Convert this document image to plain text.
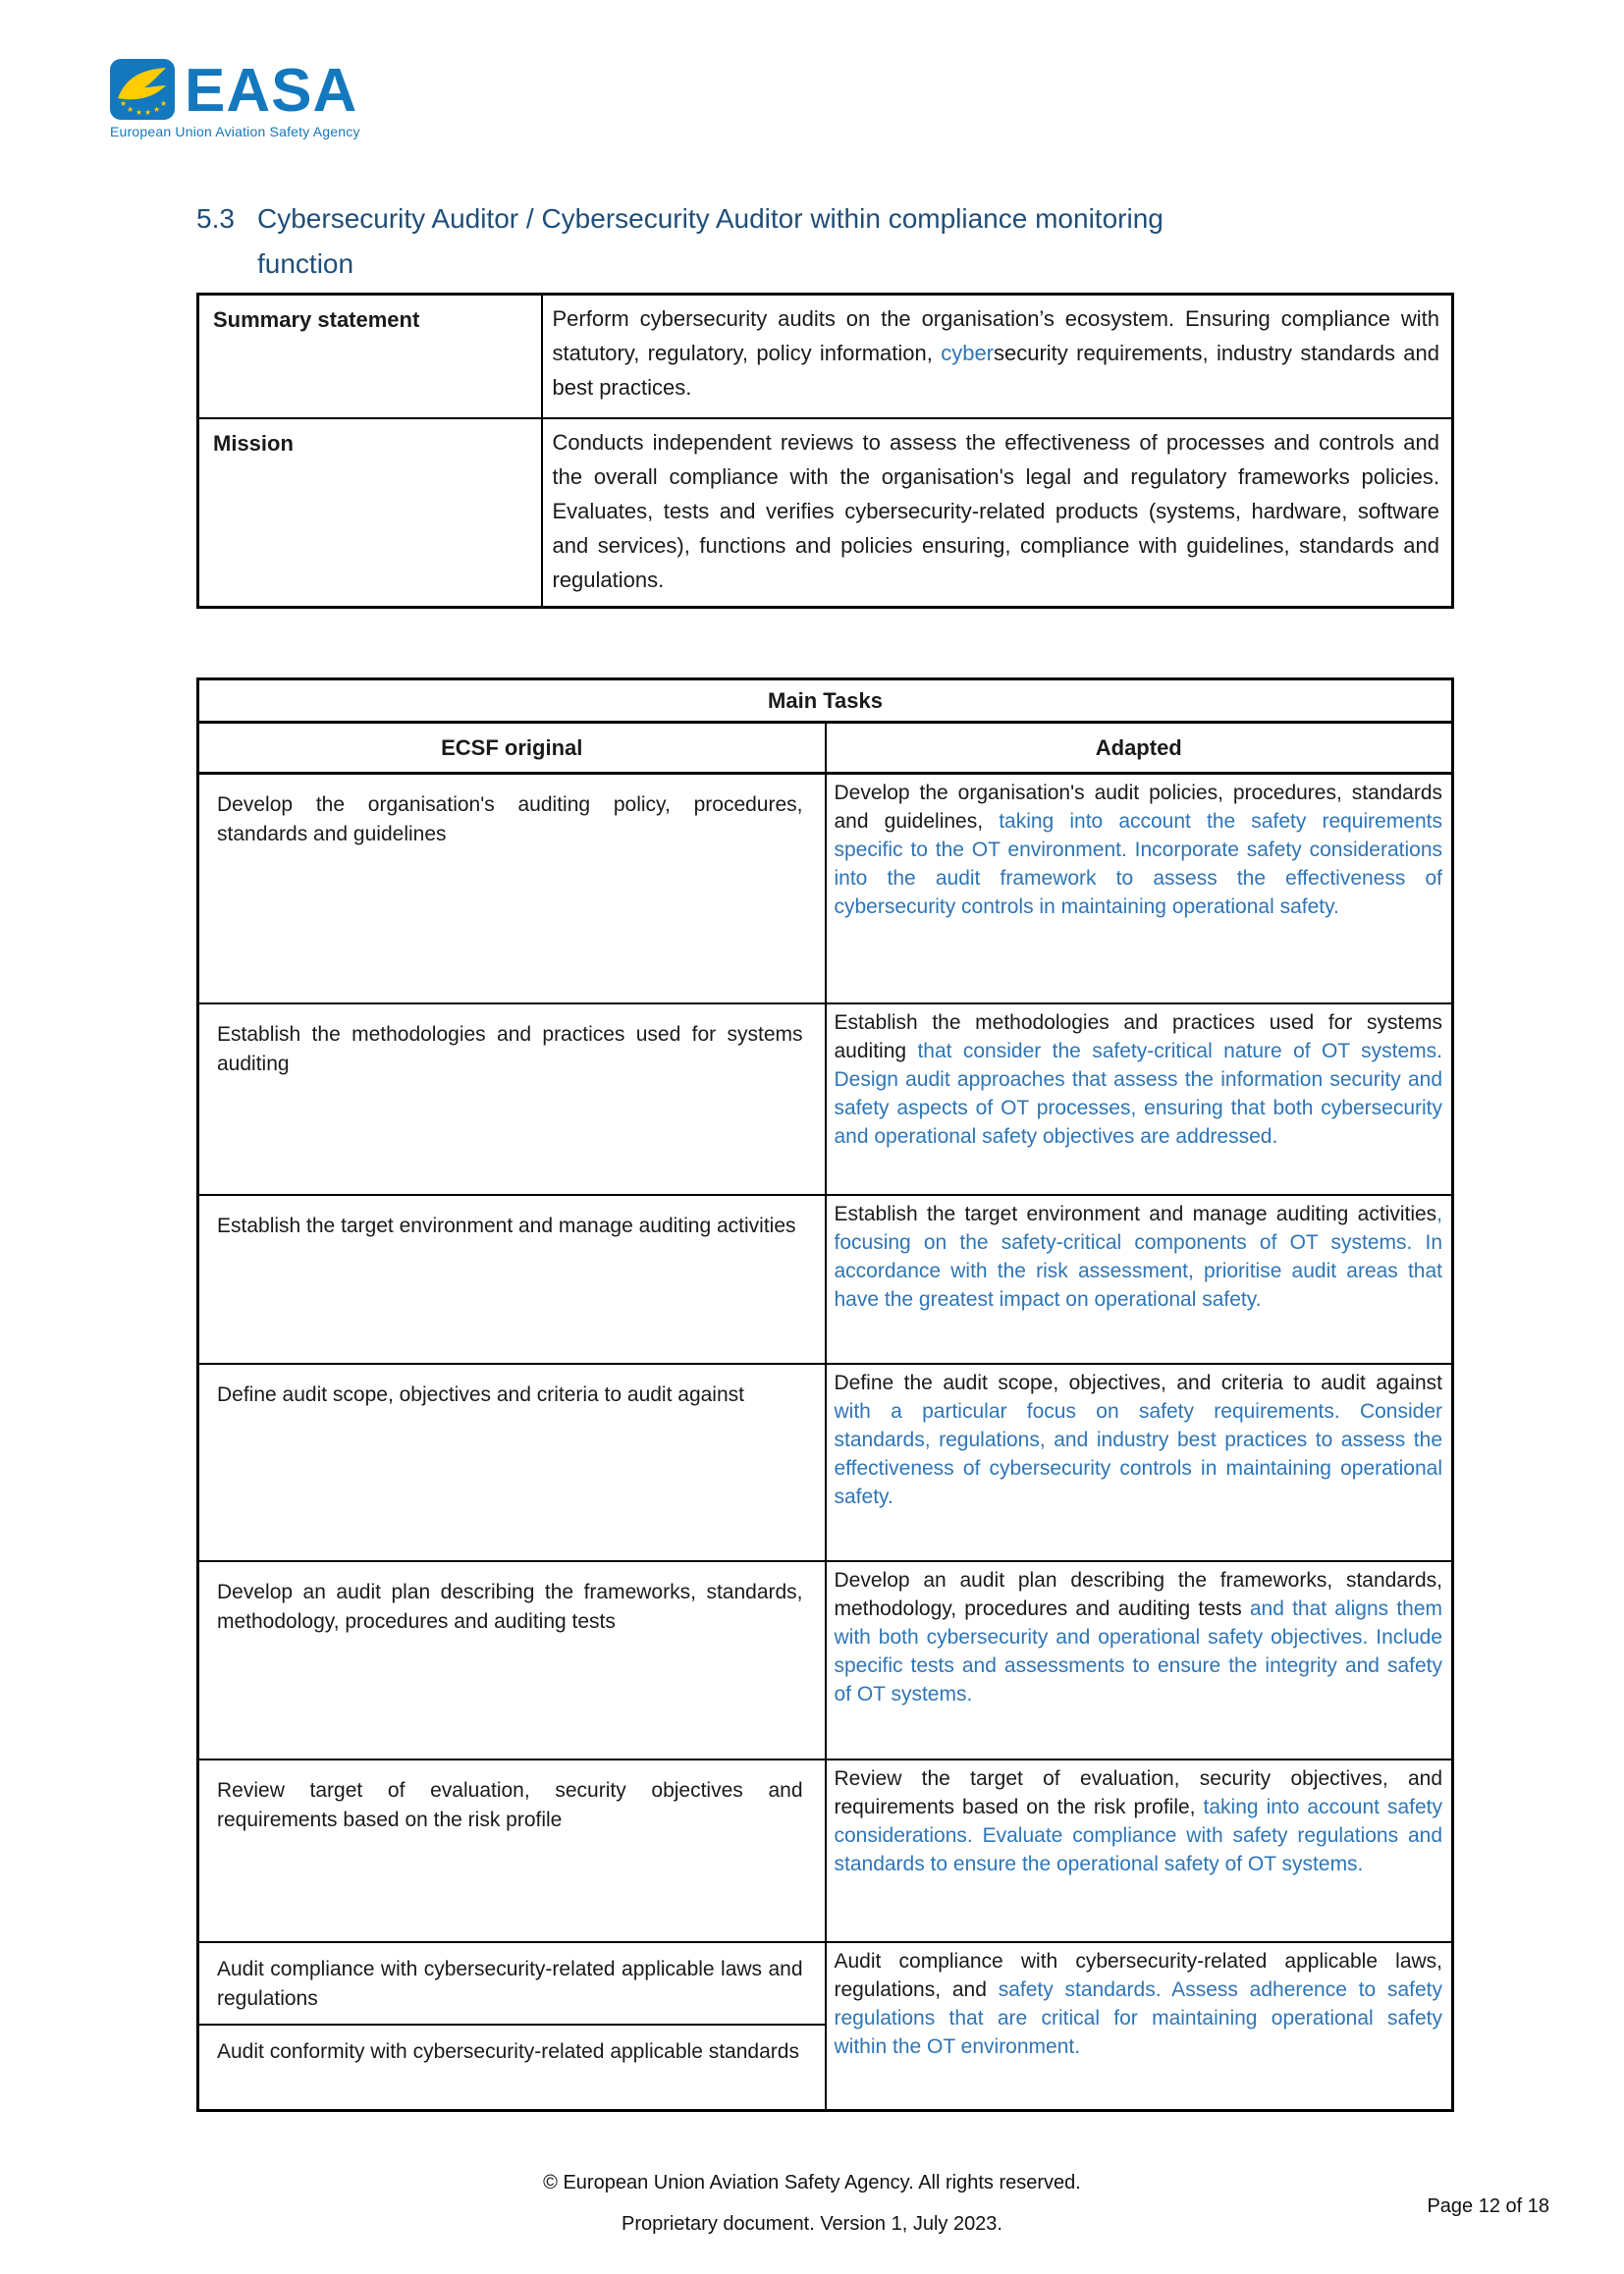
★
★ ★ ★ ★
★ EASA
European Union Aviation Safety Agency
5.3 Cybersecurity Auditor / Cybersecurity Auditor within compliance monitoring
function
Summary statement	Perform cybersecurity audits on the organisation’s ecosystem. Ensuring compliance with statutory, regulatory, policy information, cybersecurity requirements, industry standards and best practices.
Mission	Conducts independent reviews to assess the effectiveness of processes and controls and the overall compliance with the organisation's legal and regulatory frameworks policies. Evaluates, tests and verifies cybersecurity-related products (systems, hardware, software and services), functions and policies ensuring, compliance with guidelines, standards and regulations.
Main Tasks	
ECSF original	Adapted
Develop the organisation's auditing policy, procedures, standards and guidelines	Develop the organisation's audit policies, procedures, standards and guidelines, taking into account the safety requirements specific to the OT environment. Incorporate safety considerations into the audit framework to assess the effectiveness of cybersecurity controls in maintaining operational safety.
Establish the methodologies and practices used for systems auditing	Establish the methodologies and practices used for systems auditing that consider the safety-critical nature of OT systems. Design audit approaches that assess the information security and safety aspects of OT processes, ensuring that both cybersecurity and operational safety objectives are addressed.
Establish the target environment and manage auditing activities	Establish the target environment and manage auditing activities, focusing on the safety-critical components of OT systems. In accordance with the risk assessment, prioritise audit areas that have the greatest impact on operational safety.
Define audit scope, objectives and criteria to audit against	Define the audit scope, objectives, and criteria to audit against with a particular focus on safety requirements. Consider standards, regulations, and industry best practices to assess the effectiveness of cybersecurity controls in maintaining operational safety.
Develop an audit plan describing the frameworks, standards, methodology, procedures and auditing tests	Develop an audit plan describing the frameworks, standards, methodology, procedures and auditing tests and that aligns them with both cybersecurity and operational safety objectives. Include specific tests and assessments to ensure the integrity and safety of OT systems.
Review target of evaluation, security objectives and requirements based on the risk profile	Review the target of evaluation, security objectives, and requirements based on the risk profile, taking into account safety considerations. Evaluate compliance with safety regulations and standards to ensure the operational safety of OT systems.
Audit compliance with cybersecurity-related applicable laws and regulations	Audit compliance with cybersecurity-related applicable laws, regulations, and safety standards. Assess adherence to safety regulations that are critical for maintaining operational safety within the OT environment.
Audit conformity with cybersecurity-related applicable standards	
© European Union Aviation Safety Agency. All rights reserved.
Proprietary document. Version 1, July 2023.
Page 12 of 18
